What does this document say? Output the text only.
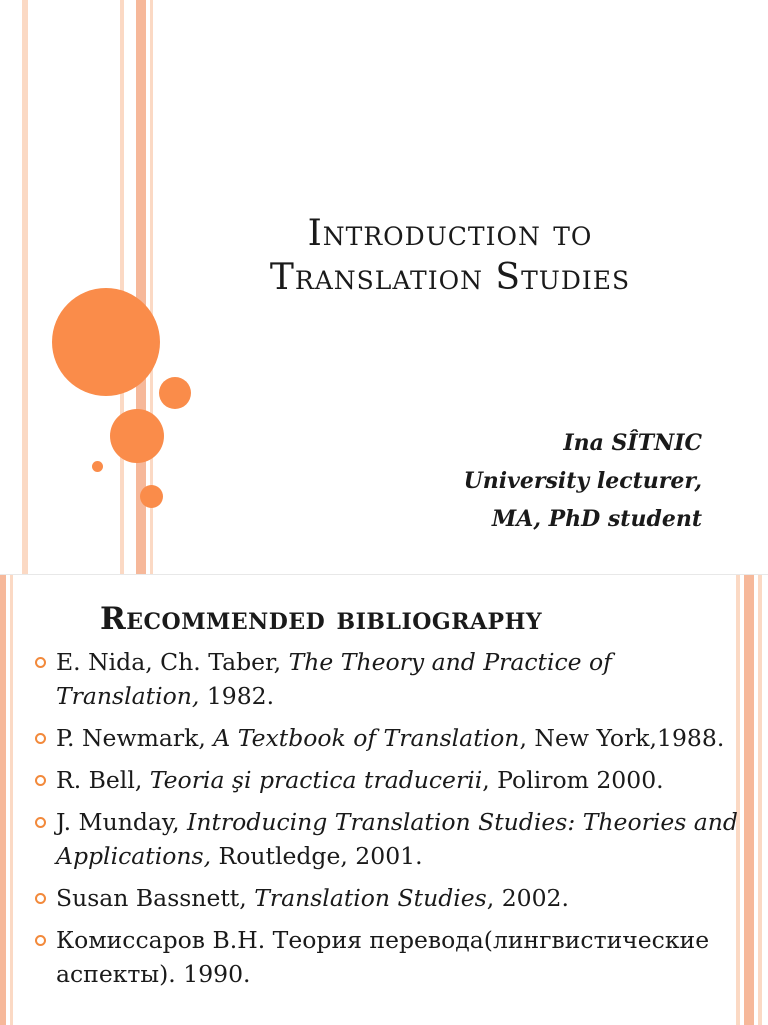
Introduction to
Translation Studies
Ina SÎTNIC
University lecturer,
MA, PhD student
Recommended bibliography
E. Nida, Ch. Taber, The Theory and Practice of Translation, 1982.
P. Newmark, A Textbook of Translation, New York,1988.
R. Bell, Teoria şi practica traducerii, Polirom 2000.
J. Munday, Introducing Translation Studies: Theories and Applications, Routledge, 2001.
Susan Bassnett, Translation Studies, 2002.
Комиссаров В.Н. Теория перевода(лингвистические аспекты). 1990.
